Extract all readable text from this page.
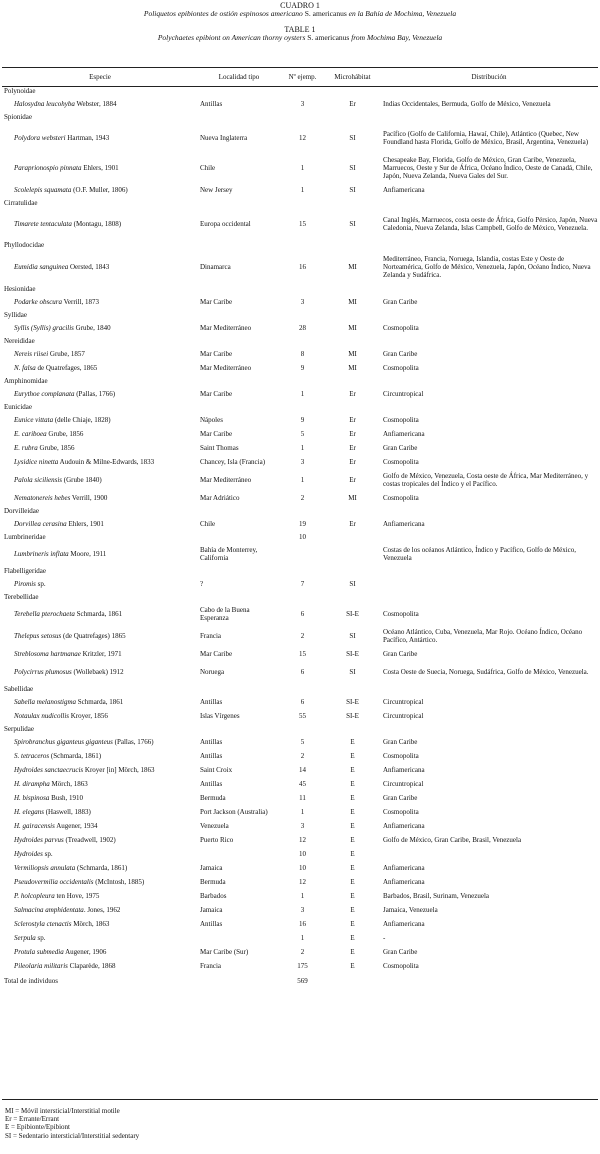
CUADRO 1
Poliquetos epibiontes de ostión espinosos americano S. americanus en la Bahía de Mochima, Venezuela
TABLE 1
Polychaetes epibiont on American thorny oysters S. americanus from Mochima Bay, Venezuela
Especie	Localidad tipo	Nº ejemp.	Microhábitat	Distribución
Polynoidae				
Halosydna leucohyba Webster, 1884	Antillas	3	Er	Indias Occidentales, Bermuda, Golfo de México, Venezuela
Spionidae				
Polydora websteri Hartman, 1943	Nueva Inglaterra	12	SI	Pacífico (Golfo de California, Hawaí, Chile), Atlántico (Quebec, New Foundland hasta Florida, Golfo de México, Brasil, Argentina, Venezuela)
Paraprionospio pinnata Ehlers, 1901	Chile	1	SI	Chesapeake Bay, Florida, Golfo de México, Gran Caribe, Venezuela, Marruecos, Oeste y Sur de África, Océano Índico, Oeste de Canadá, Chile, Japón, Nueva Zelanda, Nueva Gales del Sur.
Scolelepis squamata (O.F. Muller, 1806)	New Jersey	1	SI	Anfiamericana
Cirratulidae				
Timarete tentaculata (Montagu, 1808)	Europa occidental	15	SI	Canal Inglés, Marruecos, costa oeste de África, Golfo Pérsico, Japón, Nueva Caledonia, Nueva Zelanda, Islas Campbell, Golfo de México, Venezuela.
Phyllodocidae				
Eumidia sanguinea Oersted, 1843	Dinamarca	16	MI	Mediterráneo, Francia, Noruega, Islandia, costas Este y Oeste de Norteamérica, Golfo de México, Venezuela, Japón, Océano Índico, Nueva Zelanda y Sudáfrica.
Hesionidae				
Podarke obscura Verrill, 1873	Mar Caribe	3	MI	Gran Caribe
Syllidae				
Syllis (Syllis) gracilis Grube, 1840	Mar Mediterráneo	28	MI	Cosmopolita
Nereididae				
Nereis riisei Grube, 1857	Mar Caribe	8	MI	Gran Caribe
N. falsa de Quatrefages, 1865	Mar Mediterráneo	9	MI	Cosmopolita
Amphinomidae				
Eurythoe complanata (Pallas, 1766)	Mar Caribe	1	Er	Circuntropical
Eunicidae				
Eunice vittata (delle Chiaje, 1828)	Nápoles	9	Er	Cosmopolita
E. cariboea Grube, 1856	Mar Caribe	5	Er	Anfiamericana
E. rubra Grube, 1856	Saint Thomas	1	Er	Gran Caribe
Lysidice ninetta Audouin & Milne-Edwards, 1833	Chancey, Isla (Francia)	3	Er	Cosmopolita
Palola siciliensis (Grube 1840)	Mar Mediterráneo	1	Er	Golfo de México, Venezuela, Costa oeste de África, Mar Mediterráneo, y costas tropicales del Índico y el Pacífico.
Nematonereis hebes Verrill, 1900	Mar Adriático	2	MI	Cosmopolita
Dorvilleidae				
Dorvillea cerasina Ehlers, 1901	Chile	19	Er	Anfiamericana
Lumbrineridae		10		
Lumbrineris inflata Moore, 1911	Bahía de Monterrey, California			Costas de los océanos Atlántico, Índico y Pacífico, Golfo de México, Venezuela
Flabelligeridae				
Piromis sp.	?	7	SI	
Terebellidae				
Terebella pterochaeta Schmarda, 1861	Cabo de la Buena Esperanza	6	SI-E	Cosmopolita
Thelepus setosus (de Quatrefages) 1865	Francia	2	SI	Océano Atlántico, Cuba, Venezuela, Mar Rojo. Océano Índico, Océano Pacífico, Antártico.
Streblosoma hartmanae Kritzler, 1971	Mar Caribe	15	SI-E	Gran Caribe
Polycirrus plumosus (Wollebaek) 1912	Noruega	6	SI	Costa Oeste de Suecia, Noruega, Sudáfrica, Golfo de México, Venezuela.
Sabellidae				
Sabella melanostigma Schmarda, 1861	Antillas	6	SI-E	Circuntropical
Notaulax nudicollis Kroyer, 1856	Islas Vírgenes	55	SI-E	Circuntropical
Serpulidae				
Spirobranchus giganteus giganteus (Pallas, 1766)	Antillas	5	E	Gran Caribe
S. tetraceros (Schmarda, 1861)	Antillas	2	E	Cosmopolita
Hydroides sanctaecrucis Kroyer [in] Mörch, 1863	Saint Croix	14	E	Anfiamericana
H. diramphа Mörch, 1863	Antillas	45	E	Circuntropical
H. bispinosa Bush, 1910	Bermuda	11	E	Gran Caribe
H. elegans (Haswell, 1883)	Port Jackson (Australia)	1	E	Cosmopolita
H. gairacensis Augener, 1934	Venezuela	3	E	Anfiamericana
Hydroides parvus (Treadwell, 1902)	Puerto Rico	12	E	Golfo de México, Gran Caribe, Brasil, Venezuela
Hydroides sp.		10	E	
Vermiliopsis annulata (Schmarda, 1861)	Jamaica	10	E	Anfiamericana
Pseudovermilia occidentalis (McIntosh, 1885)	Bermuda	12	E	Anfiamericana
P. holcopleura ten Hove, 1975	Barbados	1	E	Barbados, Brasil, Surinam, Venezuela
Salmacina amphidentata. Jones, 1962	Jamaica	3	E	Jamaica, Venezuela
Sclerostyla ctenactis Mörch, 1863	Antillas	16	E	Anfiamericana
Serpula sp.		1	E	-
Protula submedia Augener, 1906	Mar Caribe (Sur)	2	E	Gran Caribe
Pileolaria militaris Claparède, 1868	Francia	175	E	Cosmopolita
Total de individuos		569		
MI = Móvil intersticial/Interstitial motile
Er = Errante/Errant
E = Epibionte/Epibiont
SI = Sedentario intersticial/Interstitial sedentary
